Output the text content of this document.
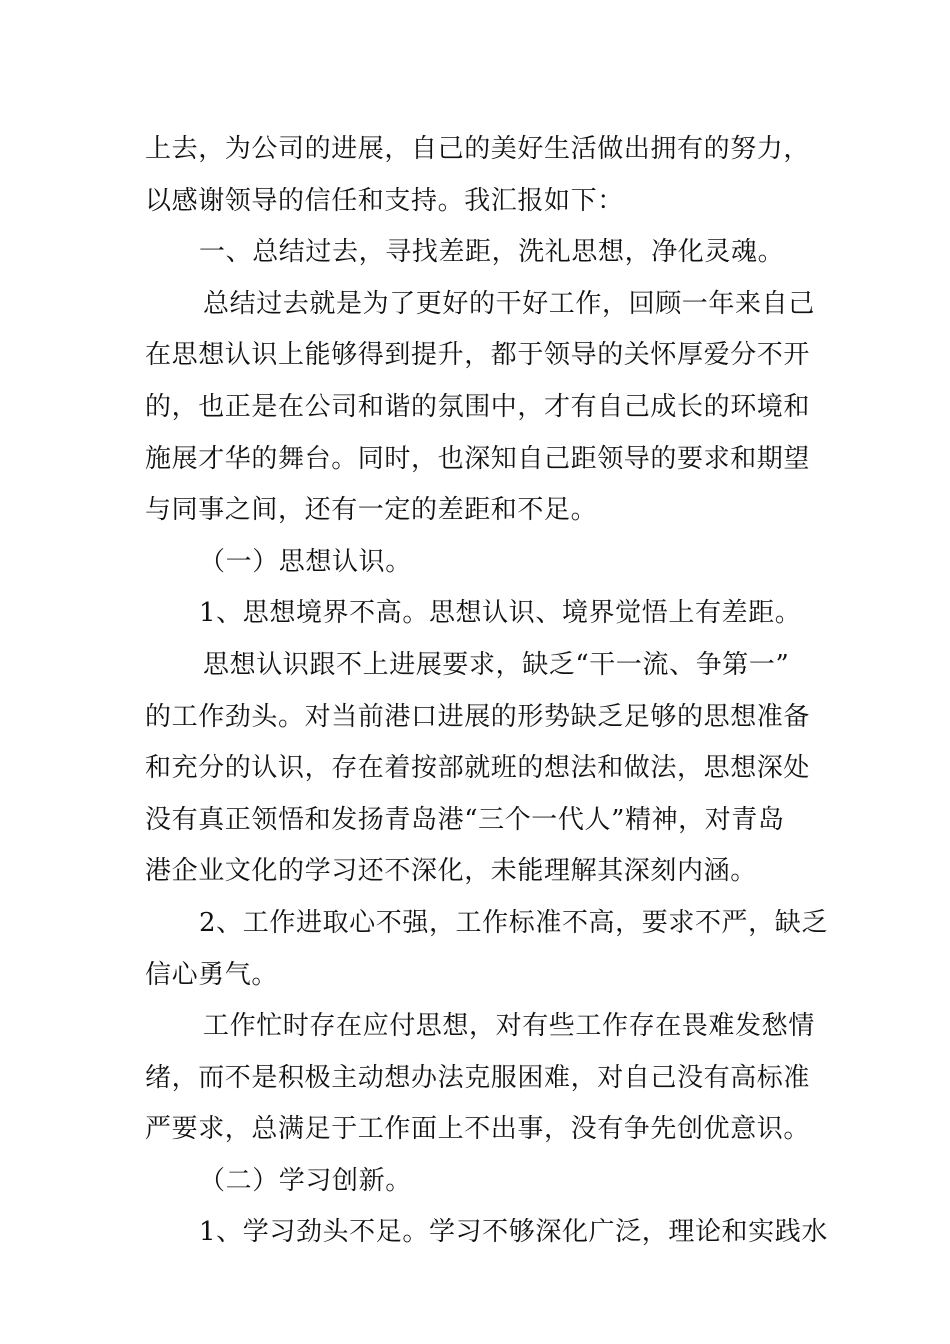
上去，为公司的进展，自己的美好生活做出拥有的努力，
以感谢领导的信任和支持。我汇报如下：
一、总结过去，寻找差距，洗礼思想，净化灵魂。
总结过去就是为了更好的干好工作，回顾一年来自己
在思想认识上能够得到提升，都于领导的关怀厚爱分不开
的，也正是在公司和谐的氛围中，才有自己成长的环境和
施展才华的舞台。同时，也深知自己距领导的要求和期望
与同事之间，还有一定的差距和不足。
（一）思想认识。
1、思想境界不高。思想认识、境界觉悟上有差距。
思想认识跟不上进展要求，缺乏“干一流、争第一”
的工作劲头。对当前港口进展的形势缺乏足够的思想准备
和充分的认识，存在着按部就班的想法和做法，思想深处
没有真正领悟和发扬青岛港“三个一代人”精神，对青岛
港企业文化的学习还不深化，未能理解其深刻内涵。
2、工作进取心不强，工作标准不高，要求不严，缺乏
信心勇气。
工作忙时存在应付思想，对有些工作存在畏难发愁情
绪，而不是积极主动想办法克服困难，对自己没有高标准
严要求，总满足于工作面上不出事，没有争先创优意识。
（二）学习创新。
1、学习劲头不足。学习不够深化广泛，理论和实践水
